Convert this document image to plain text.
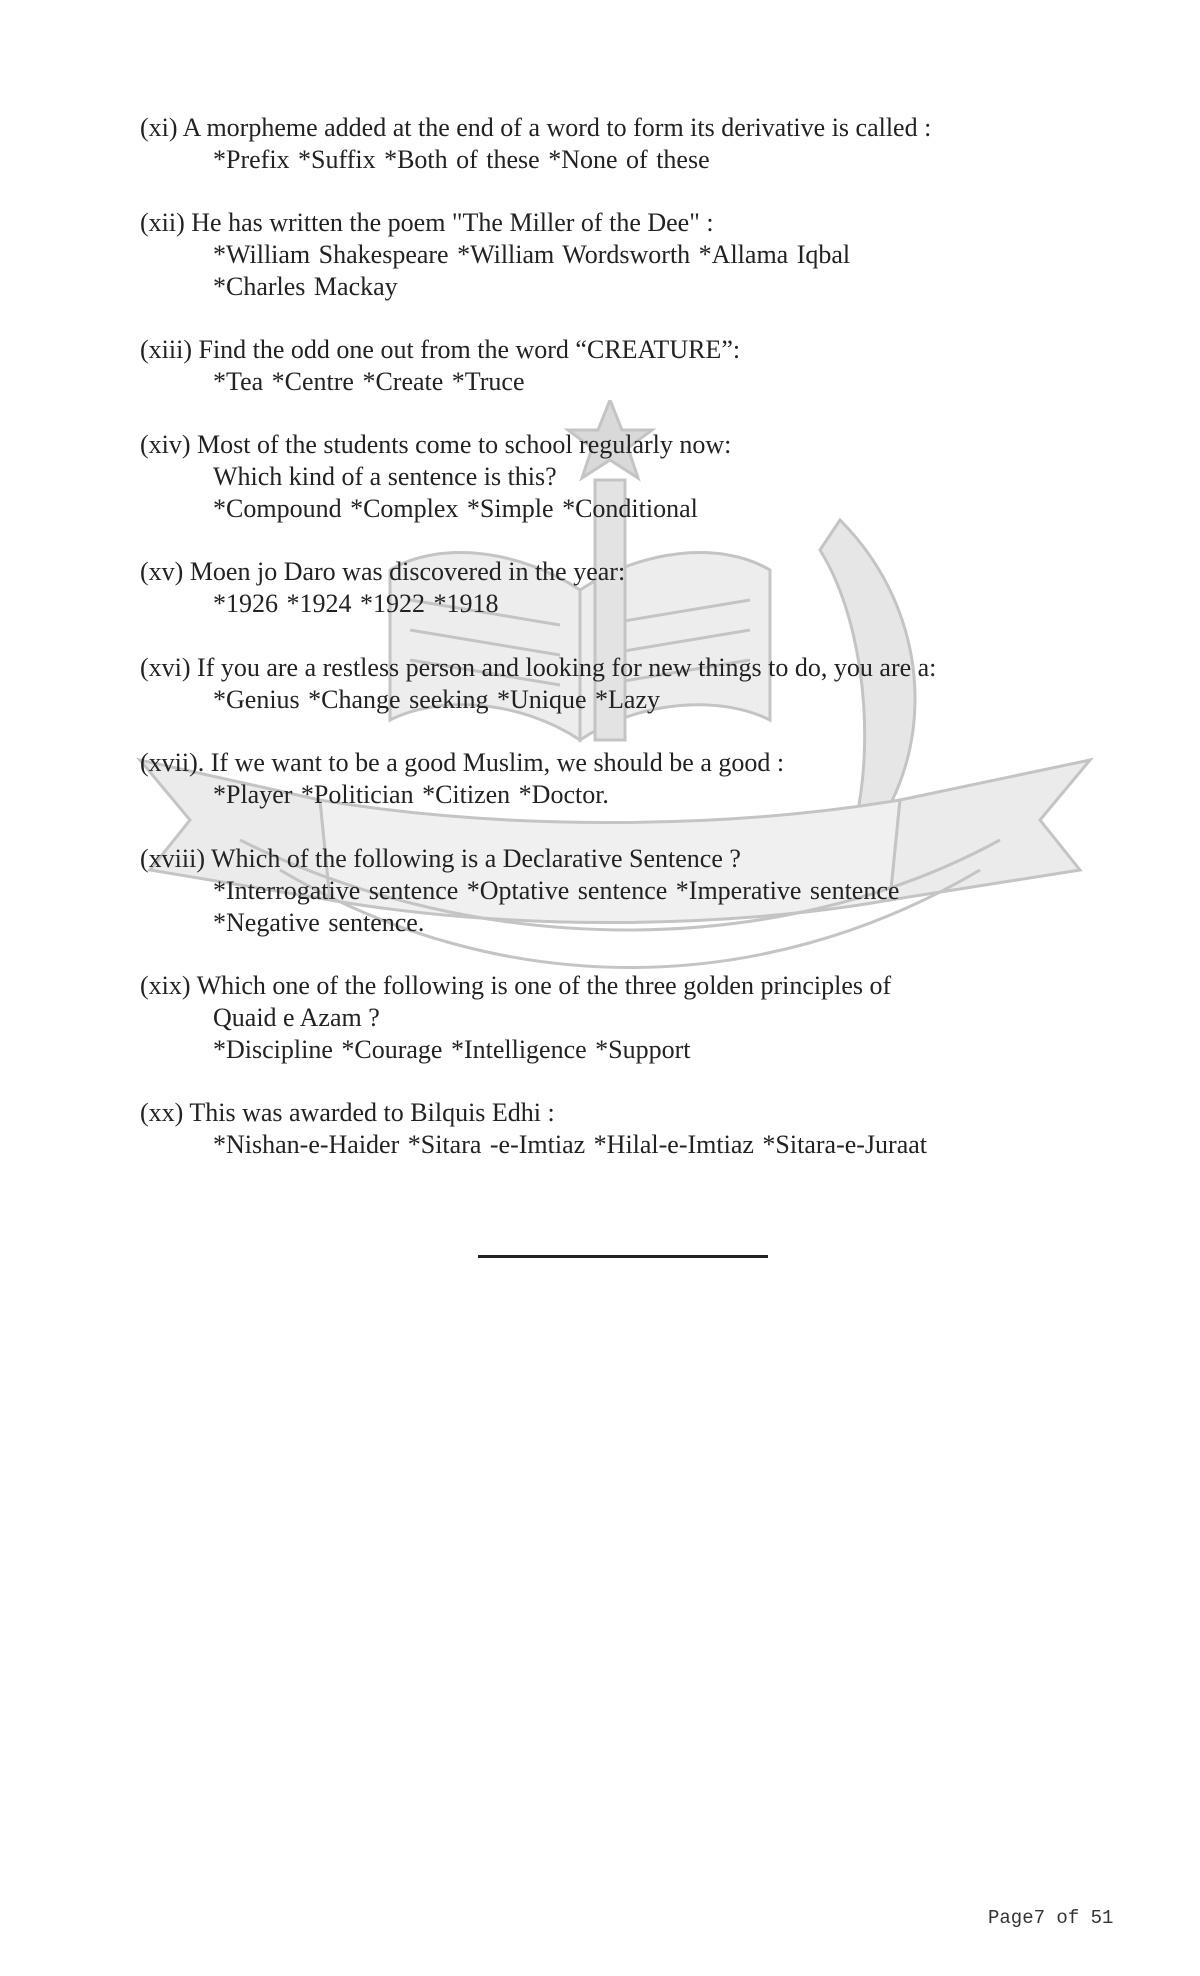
(xi) A morpheme added at the end of a word to form its derivative is called :
*Prefix *Suffix *Both of these *None of these
(xii) He has written the poem "The Miller of the Dee" :
*William Shakespeare *William Wordsworth *Allama Iqbal
*Charles Mackay
(xiii) Find the odd one out from the word “CREATURE”:
*Tea *Centre *Create *Truce
(xiv) Most of the students come to school regularly now:
Which kind of a sentence is this?
*Compound *Complex *Simple *Conditional
(xv) Moen jo Daro was discovered in the year:
*1926 *1924 *1922 *1918
(xvi) If you are a restless person and looking for new things to do, you are a:
*Genius *Change seeking *Unique *Lazy
(xvii). If we want to be a good Muslim, we should be a good :
*Player *Politician *Citizen *Doctor.
(xviii) Which of the following is a Declarative Sentence ?
*Interrogative sentence *Optative sentence *Imperative sentence
*Negative sentence.
(xix) Which one of the following is one of the three golden principles of
Quaid e Azam ?
*Discipline *Courage *Intelligence *Support
(xx) This was awarded to Bilquis Edhi :
*Nishan-e-Haider *Sitara -e-Imtiaz *Hilal-e-Imtiaz *Sitara-e-Juraat
Page7 of 51
